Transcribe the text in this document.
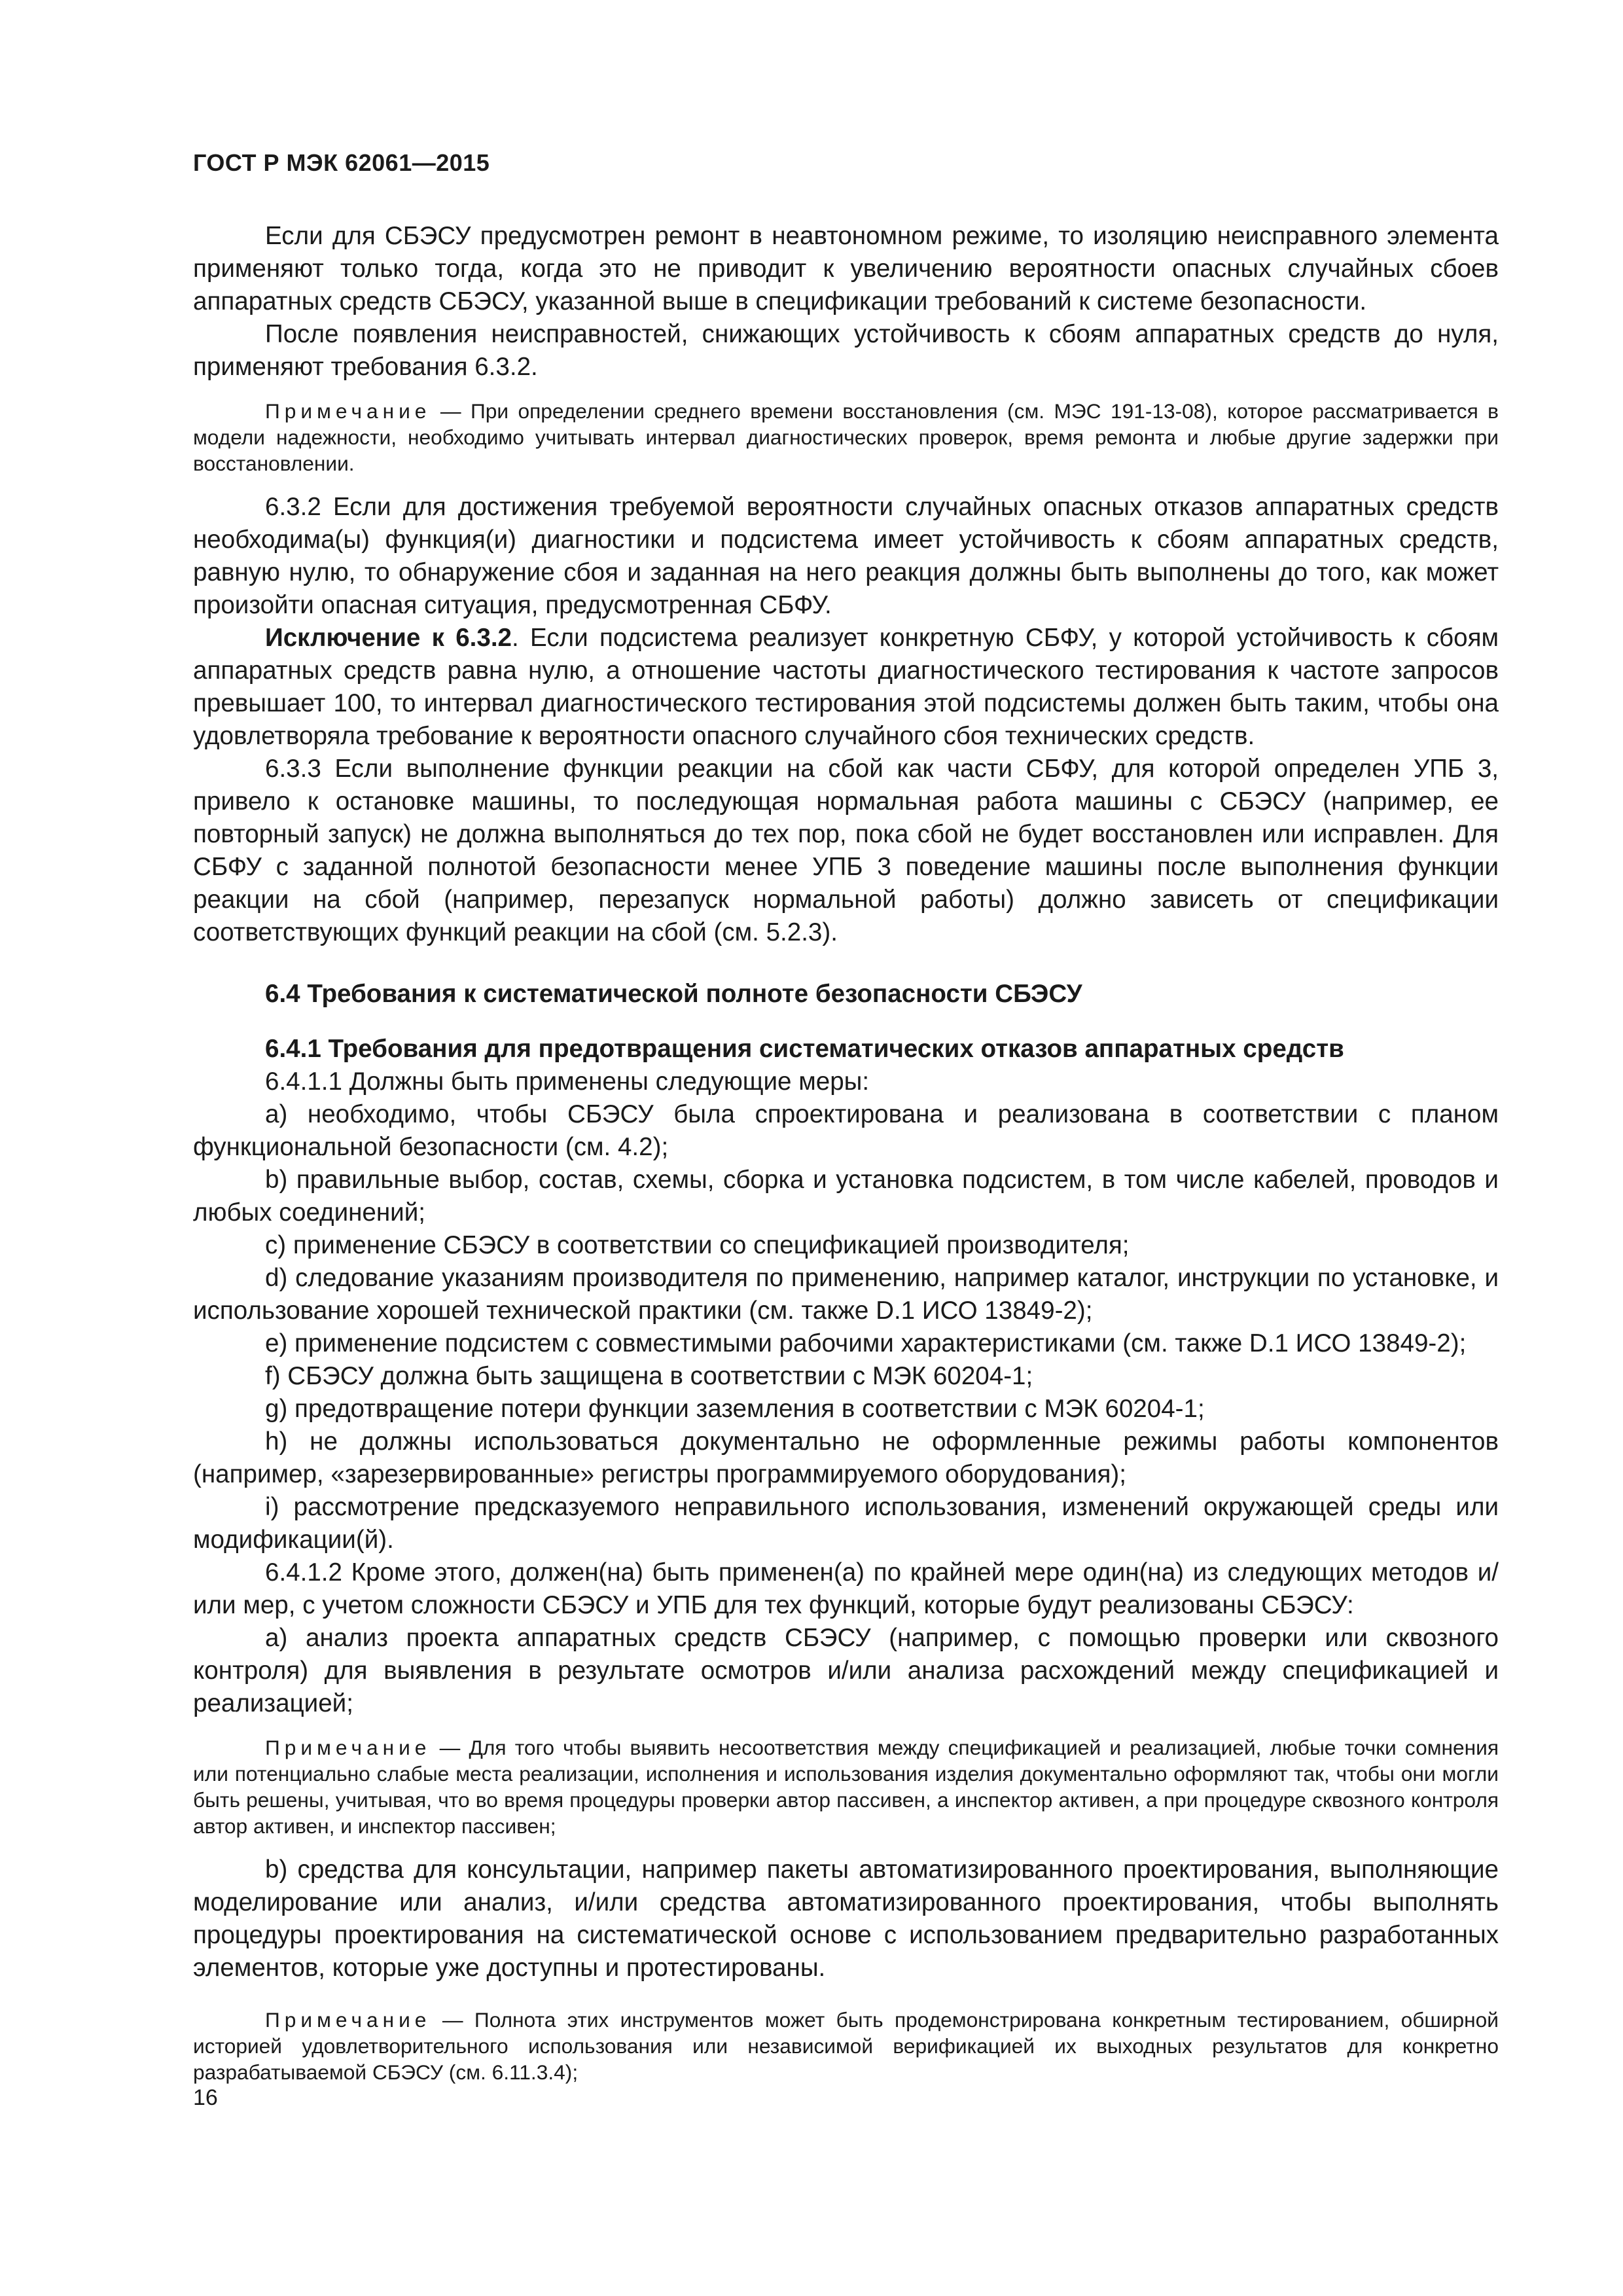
ГОСТ Р МЭК 62061—2015

Если для СБЭСУ предусмотрен ремонт в неавтономном режиме, то изоляцию неисправного элемента применяют только тогда, когда это не приводит к увеличению вероятности опасных случайных сбоев аппаратных средств СБЭСУ, указанной выше в спецификации требований к системе безопасности.

После появления неисправностей, снижающих устойчивость к сбоям аппаратных средств до нуля, применяют требования 6.3.2.

Примечание — При определении среднего времени восстановления (см. МЭС 191-13-08), которое рассматривается в модели надежности, необходимо учитывать интервал диагностических проверок, время ремонта и любые другие задержки при восстановлении.

6.3.2 Если для достижения требуемой вероятности случайных опасных отказов аппаратных средств необходима(ы) функция(и) диагностики и подсистема имеет устойчивость к сбоям аппаратных средств, равную нулю, то обнаружение сбоя и заданная на него реакция должны быть выполнены до того, как может произойти опасная ситуация, предусмотренная СБФУ.

Исключение к 6.3.2. Если подсистема реализует конкретную СБФУ, у которой устойчивость к сбоям аппаратных средств равна нулю, а отношение частоты диагностического тестирования к частоте запросов превышает 100, то интервал диагностического тестирования этой подсистемы должен быть таким, чтобы она удовлетворяла требование к вероятности опасного случайного сбоя технических средств.

6.3.3 Если выполнение функции реакции на сбой как части СБФУ, для которой определен УПБ 3, привело к остановке машины, то последующая нормальная работа машины с СБЭСУ (например, ее повторный запуск) не должна выполняться до тех пор, пока сбой не будет восстановлен или исправлен. Для СБФУ с заданной полнотой безопасности менее УПБ 3 поведение машины после выполнения функции реакции на сбой (например, перезапуск нормальной работы) должно зависеть от спецификации соответствующих функций реакции на сбой (см. 5.2.3).

6.4 Требования к систематической полноте безопасности СБЭСУ

6.4.1 Требования для предотвращения систематических отказов аппаратных средств

6.4.1.1 Должны быть применены следующие меры:

а) необходимо, чтобы СБЭСУ была спроектирована и реализована в соответствии с планом функциональной безопасности (см. 4.2);

b) правильные выбор, состав, схемы, сборка и установка подсистем, в том числе кабелей, проводов и любых соединений;

с) применение СБЭСУ в соответствии со спецификацией производителя;

d) следование указаниям производителя по применению, например каталог, инструкции по установке, и использование хорошей технической практики (см. также D.1 ИСО 13849-2);

е) применение подсистем с совместимыми рабочими характеристиками (см. также D.1 ИСО 13849-2);

f) СБЭСУ должна быть защищена в соответствии с МЭК 60204-1;

g) предотвращение потери функции заземления в соответствии с МЭК 60204-1;

h) не должны использоваться документально не оформленные режимы работы компонентов (например, «зарезервированные» регистры программируемого оборудования);

i) рассмотрение предсказуемого неправильного использования, изменений окружающей среды или модификации(й).

6.4.1.2 Кроме этого, должен(на) быть применен(а) по крайней мере один(на) из следующих методов и/или мер, с учетом сложности СБЭСУ и УПБ для тех функций, которые будут реализованы СБЭСУ:

а) анализ проекта аппаратных средств СБЭСУ (например, с помощью проверки или сквозного контроля) для выявления в результате осмотров и/или анализа расхождений между спецификацией и реализацией;

Примечание — Для того чтобы выявить несоответствия между спецификацией и реализацией, любые точки сомнения или потенциально слабые места реализации, исполнения и использования изделия документально оформляют так, чтобы они могли быть решены, учитывая, что во время процедуры проверки автор пассивен, а инспектор активен, а при процедуре сквозного контроля автор активен, и инспектор пассивен;

b) средства для консультации, например пакеты автоматизированного проектирования, выполняющие моделирование или анализ, и/или средства автоматизированного проектирования, чтобы выполнять процедуры проектирования на систематической основе с использованием предварительно разработанных элементов, которые уже доступны и протестированы.

Примечание — Полнота этих инструментов может быть продемонстрирована конкретным тестированием, обширной историей удовлетворительного использования или независимой верификацией их выходных результатов для конкретно разрабатываемой СБЭСУ (см. 6.11.3.4);

16
